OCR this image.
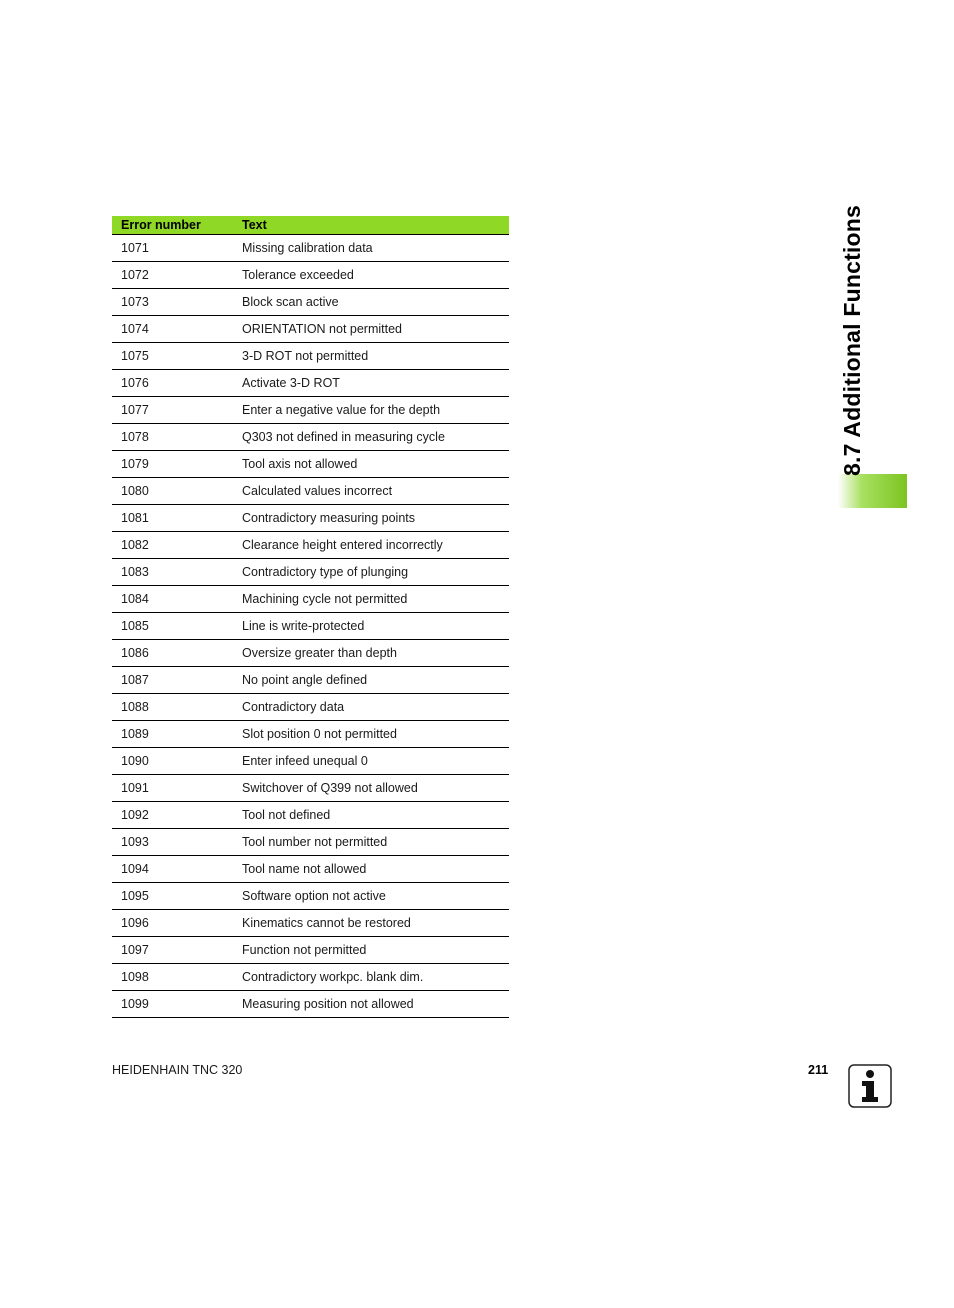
Error number	Text
1071	Missing calibration data
1072	Tolerance exceeded
1073	Block scan active
1074	ORIENTATION not permitted
1075	3-D ROT not permitted
1076	Activate 3-D ROT
1077	Enter a negative value for the depth
1078	Q303 not defined in measuring cycle
1079	Tool axis not allowed
1080	Calculated values incorrect
1081	Contradictory measuring points
1082	Clearance height entered incorrectly
1083	Contradictory type of plunging
1084	Machining cycle not permitted
1085	Line is write-protected
1086	Oversize greater than depth
1087	No point angle defined
1088	Contradictory data
1089	Slot position 0 not permitted
1090	Enter infeed unequal 0
1091	Switchover of Q399 not allowed
1092	Tool not defined
1093	Tool number not permitted
1094	Tool name not allowed
1095	Software option not active
1096	Kinematics cannot be restored
1097	Function not permitted
1098	Contradictory workpc. blank dim.
1099	Measuring position not allowed
8.7 Additional Functions
HEIDENHAIN TNC 320	211
